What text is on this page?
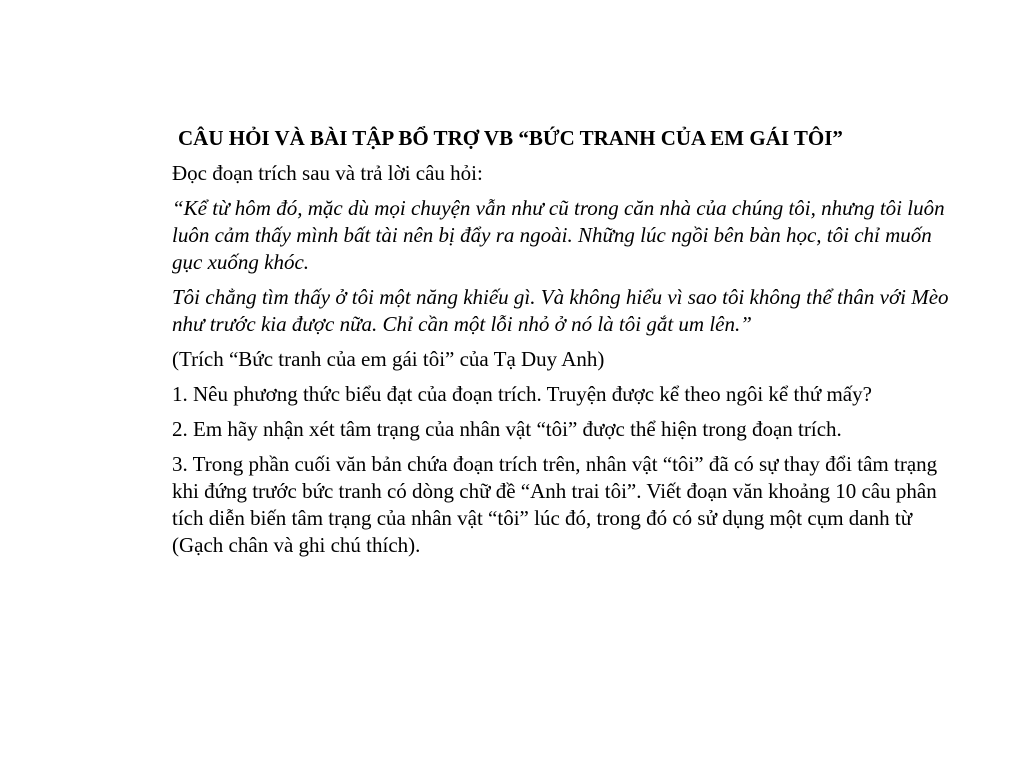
CÂU HỎI VÀ BÀI TẬP BỔ TRỢ VB “BỨC TRANH CỦA EM GÁI TÔI”

Đọc đoạn trích sau và trả lời câu hỏi:

“Kể từ hôm đó, mặc dù mọi chuyện vẫn như cũ trong căn nhà của chúng tôi, nhưng tôi luôn luôn cảm thấy mình bất tài nên bị đẩy ra ngoài. Những lúc ngồi bên bàn học, tôi chỉ muốn gục xuống khóc.

Tôi chẳng tìm thấy ở tôi một năng khiếu gì. Và không hiểu vì sao tôi không thể thân với Mèo như trước kia được nữa. Chỉ cần một lỗi nhỏ ở nó là tôi gắt um lên.”

(Trích “Bức tranh của em gái tôi” của Tạ Duy Anh)

1. Nêu phương thức biểu đạt của đoạn trích. Truyện được kể theo ngôi kể thứ mấy?

2. Em hãy nhận xét tâm trạng của nhân vật “tôi” được thể hiện trong đoạn trích.

3. Trong phần cuối văn bản chứa đoạn trích trên, nhân vật “tôi” đã có sự thay đổi tâm trạng khi đứng trước bức tranh có dòng chữ đề “Anh trai tôi”. Viết đoạn văn khoảng 10 câu phân tích diễn biến tâm trạng của nhân vật “tôi” lúc đó, trong đó có sử dụng một cụm danh từ (Gạch chân và ghi chú thích).
